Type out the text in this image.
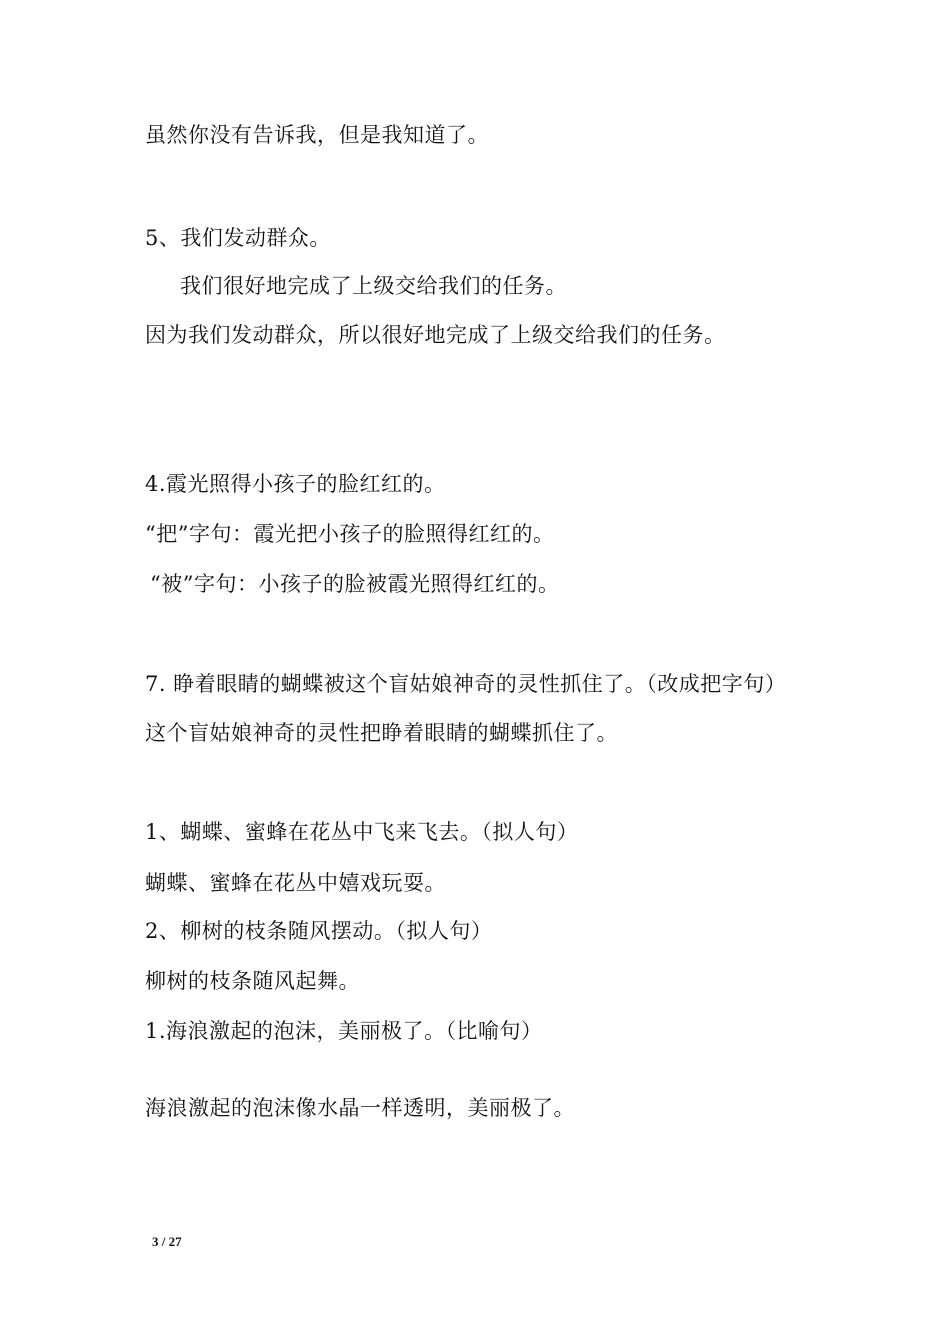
虽然你没有告诉我，但是我知道了。
5、我们发动群众。
我们很好地完成了上级交给我们的任务。
因为我们发动群众，所以很好地完成了上级交给我们的任务。
4.霞光照得小孩子的脸红红的。
“把”字句：霞光把小孩子的脸照得红红的。
“被”字句：小孩子的脸被霞光照得红红的。
7. 睁着眼睛的蝴蝶被这个盲姑娘神奇的灵性抓住了。（改成把字句）
这个盲姑娘神奇的灵性把睁着眼睛的蝴蝶抓住了。
1、蝴蝶、蜜蜂在花丛中飞来飞去。（拟人句）
蝴蝶、蜜蜂在花丛中嬉戏玩耍。
2、柳树的枝条随风摆动。（拟人句）
柳树的枝条随风起舞。
1.海浪激起的泡沫，美丽极了。（比喻句）
海浪激起的泡沫像水晶一样透明，美丽极了。
3 / 27
